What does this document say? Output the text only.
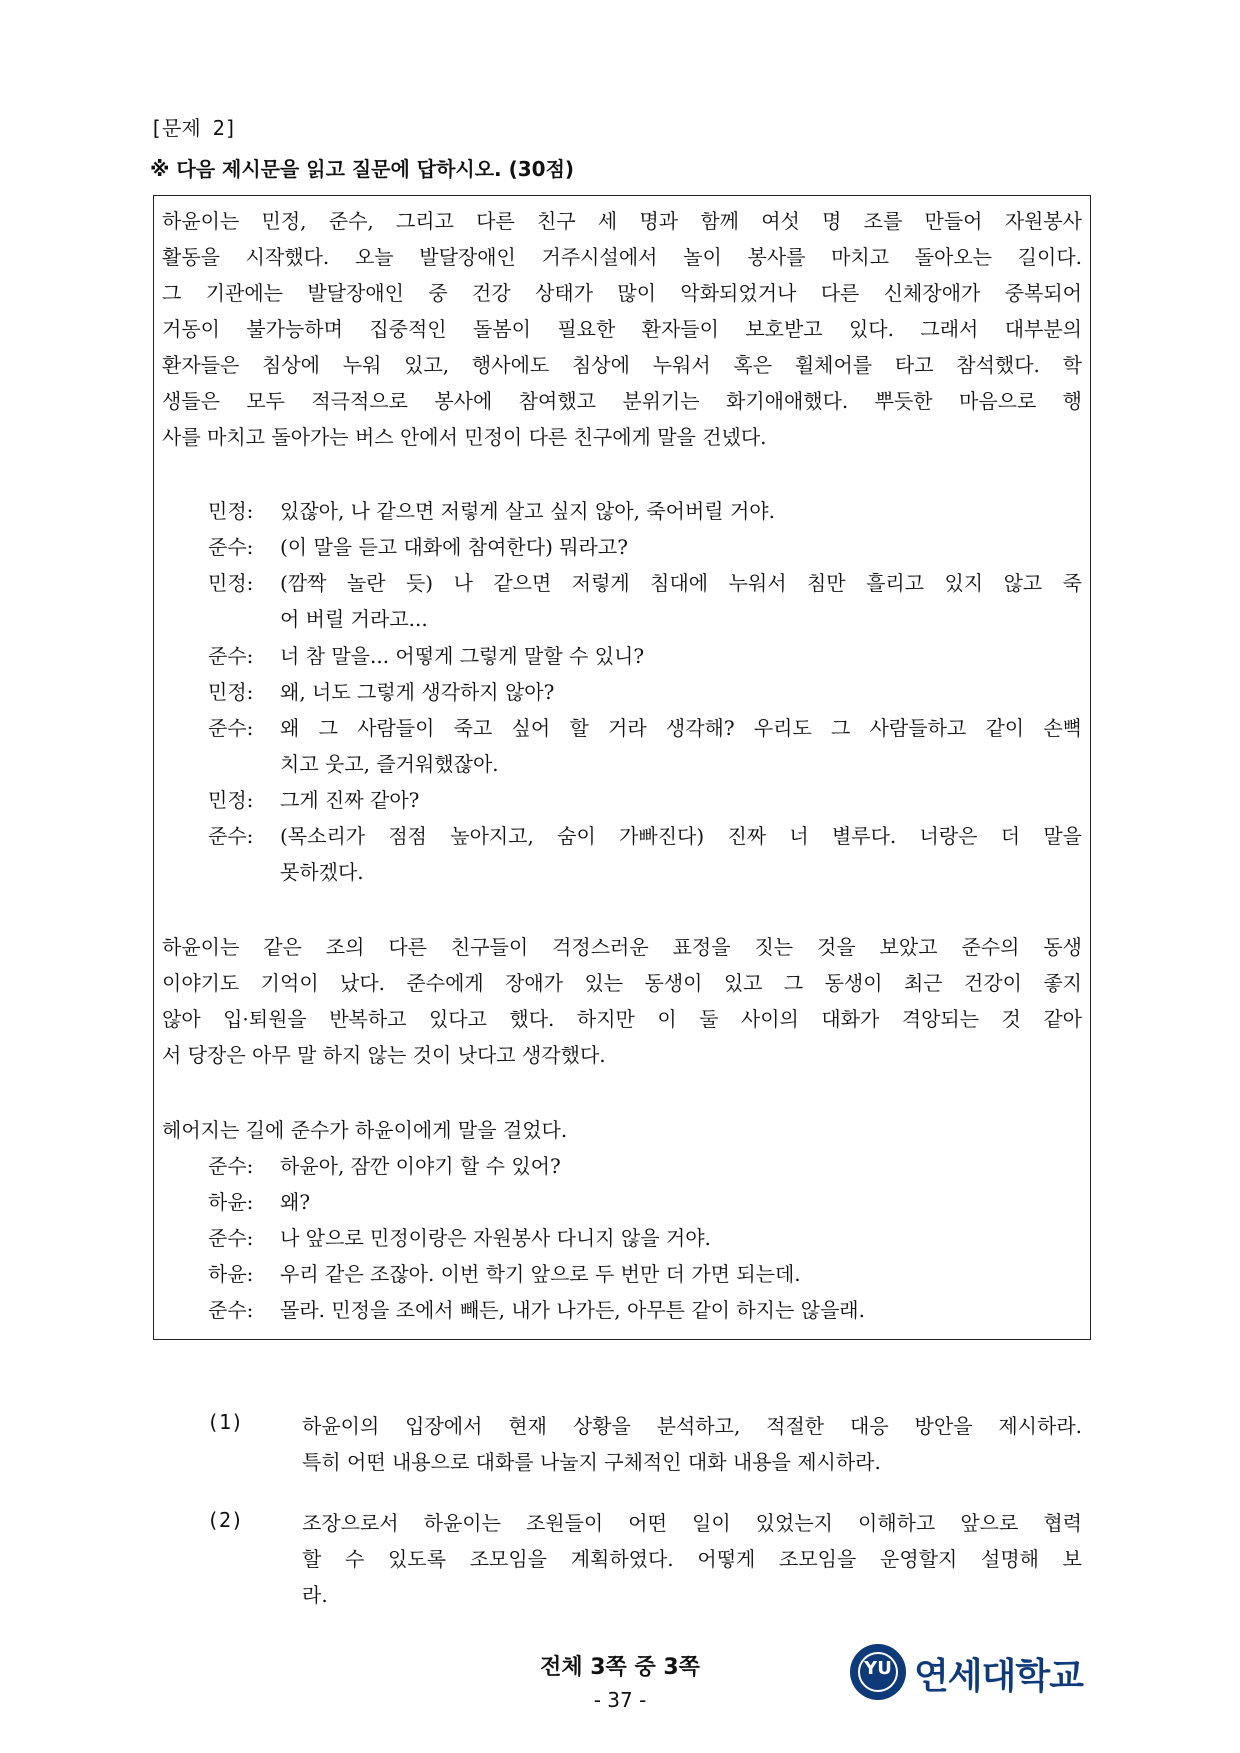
[문제 2]
※ 다음 제시문을 읽고 질문에 답하시오. (30점)
하윤이는 민정, 준수, 그리고 다른 친구 세 명과 함께 여섯 명 조를 만들어 자원봉사
활동을 시작했다. 오늘 발달장애인 거주시설에서 놀이 봉사를 마치고 돌아오는 길이다.
그 기관에는 발달장애인 중 건강 상태가 많이 악화되었거나 다른 신체장애가 중복되어
거동이 불가능하며 집중적인 돌봄이 필요한 환자들이 보호받고 있다. 그래서 대부분의
환자들은 침상에 누워 있고, 행사에도 침상에 누워서 혹은 휠체어를 타고 참석했다. 학
생들은 모두 적극적으로 봉사에 참여했고 분위기는 화기애애했다. 뿌듯한 마음으로 행
사를 마치고 돌아가는 버스 안에서 민정이 다른 친구에게 말을 건넸다.
민정: 있잖아, 나 같으면 저렇게 살고 싶지 않아, 죽어버릴 거야.
준수: (이 말을 듣고 대화에 참여한다) 뭐라고?
민정: (깜짝 놀란 듯) 나 같으면 저렇게 침대에 누워서 침만 흘리고 있지 않고 죽
어 버릴 거라고...
준수: 너 참 말을... 어떻게 그렇게 말할 수 있니?
민정: 왜, 너도 그렇게 생각하지 않아?
준수: 왜 그 사람들이 죽고 싶어 할 거라 생각해? 우리도 그 사람들하고 같이 손뼉
치고 웃고, 즐거워했잖아.
민정: 그게 진짜 같아?
준수: (목소리가 점점 높아지고, 숨이 가빠진다) 진짜 너 별루다. 너랑은 더 말을
못하겠다.
하윤이는 같은 조의 다른 친구들이 걱정스러운 표정을 짓는 것을 보았고 준수의 동생
이야기도 기억이 났다. 준수에게 장애가 있는 동생이 있고 그 동생이 최근 건강이 좋지
않아 입·퇴원을 반복하고 있다고 했다. 하지만 이 둘 사이의 대화가 격앙되는 것 같아
서 당장은 아무 말 하지 않는 것이 낫다고 생각했다.
헤어지는 길에 준수가 하윤이에게 말을 걸었다.
준수: 하윤아, 잠깐 이야기 할 수 있어?
하윤: 왜?
준수: 나 앞으로 민정이랑은 자원봉사 다니지 않을 거야.
하윤: 우리 같은 조잖아. 이번 학기 앞으로 두 번만 더 가면 되는데.
준수: 몰라. 민정을 조에서 빼든, 내가 나가든, 아무튼 같이 하지는 않을래.
(1)	하윤이의 입장에서 현재 상황을 분석하고, 적절한 대응 방안을 제시하라.
특히 어떤 내용으로 대화를 나눌지 구체적인 대화 내용을 제시하라.
(2)	조장으로서 하윤이는 조원들이 어떤 일이 있었는지 이해하고 앞으로 협력
할 수 있도록 조모임을 계획하였다. 어떻게 조모임을 운영할지 설명해 보
라.
전체 3쪽 중 3쪽
- 37 -
YU 연세대학교
